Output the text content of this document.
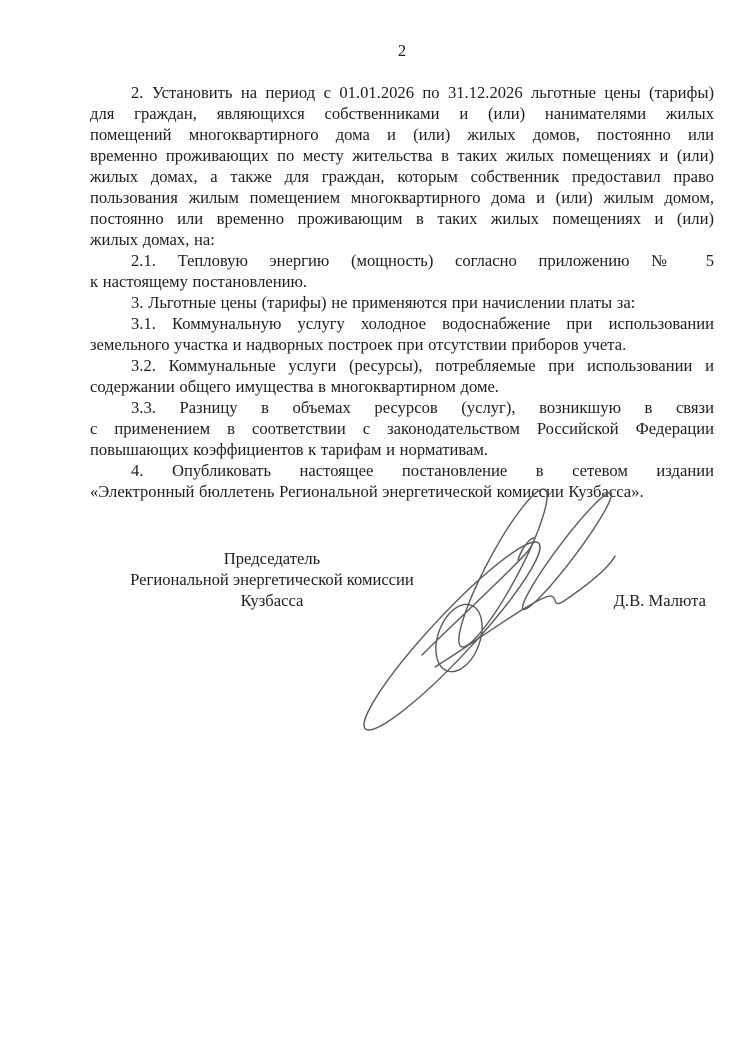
2
2. Установить на период с 01.01.2026 по 31.12.2026 льготные цены (тарифы)
для граждан, являющихся собственниками и (или) нанимателями жилых
помещений многоквартирного дома и (или) жилых домов, постоянно или
временно проживающих по месту жительства в таких жилых помещениях и (или)
жилых домах, а также для граждан, которым собственник предоставил право
пользования жилым помещением многоквартирного дома и (или) жилым домом,
постоянно или временно проживающим в таких жилых помещениях и (или)
жилых домах, на:
2.1. Тепловую энергию (мощность) согласно приложению № 5
к настоящему постановлению.
3. Льготные цены (тарифы) не применяются при начислении платы за:
3.1. Коммунальную услугу холодное водоснабжение при использовании
земельного участка и надворных построек при отсутствии приборов учета.
3.2. Коммунальные услуги (ресурсы), потребляемые при использовании и
содержании общего имущества в многоквартирном доме.
3.3. Разницу в объемах ресурсов (услуг), возникшую в связи
с применением в соответствии с законодательством Российской Федерации
повышающих коэффициентов к тарифам и нормативам.
4. Опубликовать настоящее постановление в сетевом издании
«Электронный бюллетень Региональной энергетической комиссии Кузбасса».
Председатель
Региональной энергетической комиссии
Кузбасса	Д.В. Малюта
